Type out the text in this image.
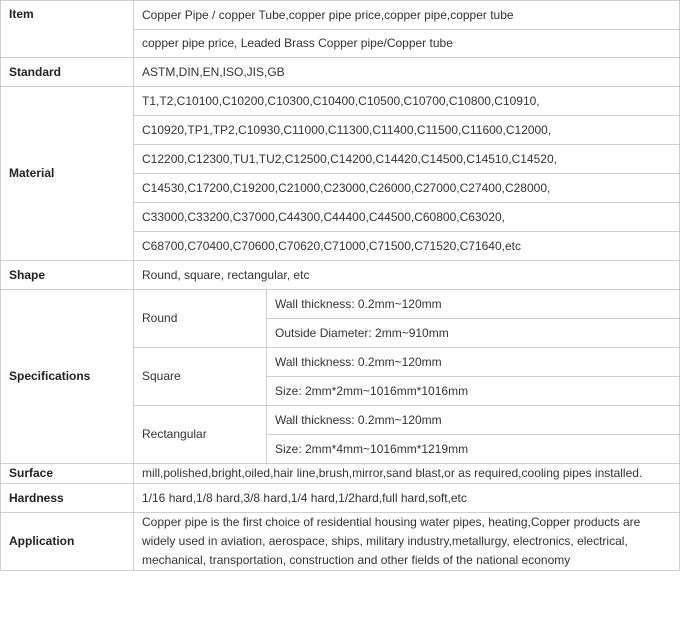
Item	Copper Pipe / copper Tube,copper pipe price,copper pipe,copper tube	
	copper pipe price, Leaded Brass Copper pipe/Copper tube	
Standard	ASTM,DIN,EN,ISO,JIS,GB	
Material	T1,T2,C10100,C10200,C10300,C10400,C10500,C10700,C10800,C10910,	
	C10920,TP1,TP2,C10930,C11000,C11300,C11400,C11500,C11600,C12000,	
	C12200,C12300,TU1,TU2,C12500,C14200,C14420,C14500,C14510,C14520,	
	C14530,C17200,C19200,C21000,C23000,C26000,C27000,C27400,C28000,	
	C33000,C33200,C37000,C44300,C44400,C44500,C60800,C63020,	
	C68700,C70400,C70600,C70620,C71000,C71500,C71520,C71640,etc	
Shape	Round, square, rectangular, etc	
Specifications	Round	Wall thickness: 0.2mm~120mm
		Outside Diameter: 2mm~910mm
	Square	Wall thickness: 0.2mm~120mm
		Size: 2mm*2mm~1016mm*1016mm
	Rectangular	Wall thickness: 0.2mm~120mm
		Size: 2mm*4mm~1016mm*1219mm
Surface	mill,polished,bright,oiled,hair line,brush,mirror,sand blast,or as required,cooling pipes installed.	
Hardness	1/16 hard,1/8 hard,3/8 hard,1/4 hard,1/2hard,full hard,soft,etc	
Application	Copper pipe is the first choice of residential housing water pipes, heating,Copper products are widely used in aviation, aerospace, ships, military industry,metallurgy, electronics, electrical, mechanical, transportation, construction and other fields of the national economy	
